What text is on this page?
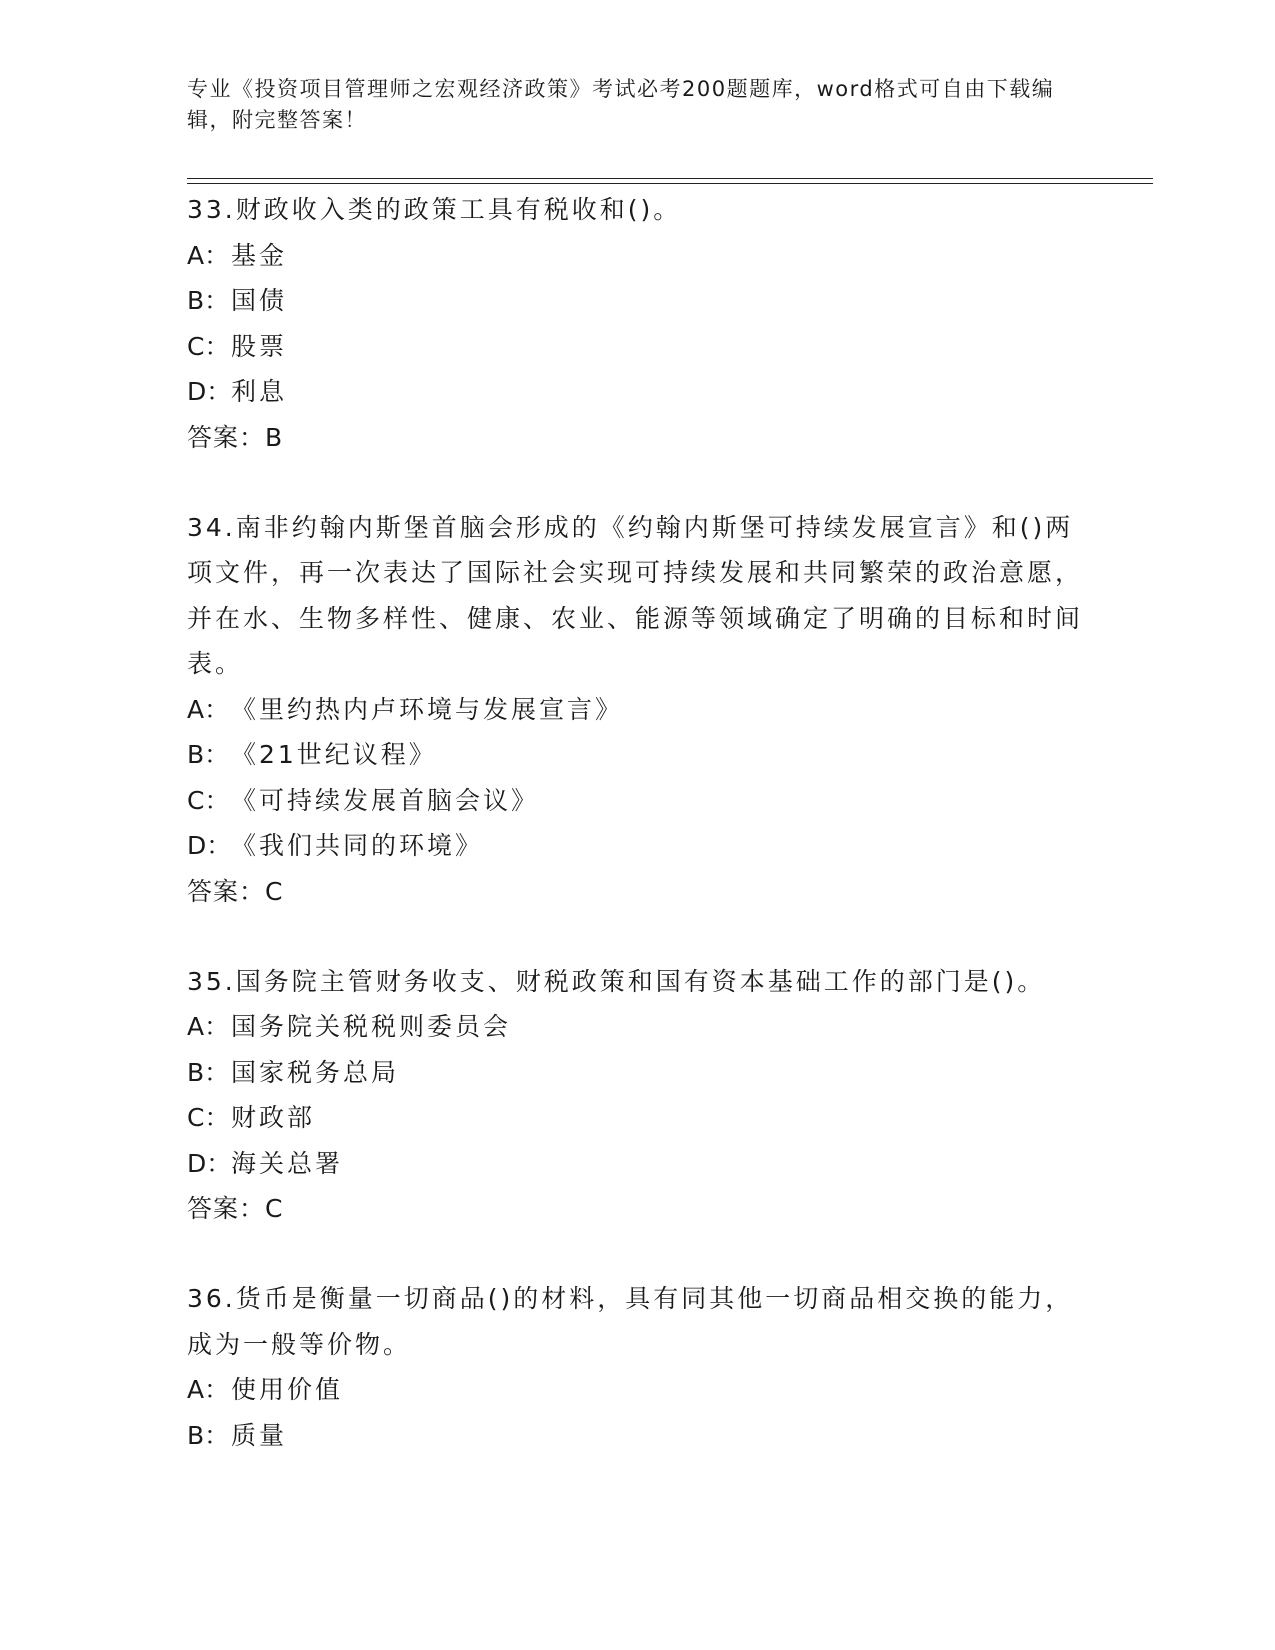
专业《投资项目管理师之宏观经济政策》考试必考200题题库，word格式可自由下载编辑，附完整答案！

33.财政收入类的政策工具有税收和()。

A：基金

B：国债

C：股票

D：利息

答案：B

34.南非约翰内斯堡首脑会形成的《约翰内斯堡可持续发展宣言》和()两项文件，再一次表达了国际社会实现可持续发展和共同繁荣的政治意愿，并在水、生物多样性、健康、农业、能源等领域确定了明确的目标和时间表。

A：《里约热内卢环境与发展宣言》

B：《21世纪议程》

C：《可持续发展首脑会议》

D：《我们共同的环境》

答案：C

35.国务院主管财务收支、财税政策和国有资本基础工作的部门是()。

A：国务院关税税则委员会

B：国家税务总局

C：财政部

D：海关总署

答案：C

36.货币是衡量一切商品()的材料，具有同其他一切商品相交换的能力，成为一般等价物。

A：使用价值

B：质量
